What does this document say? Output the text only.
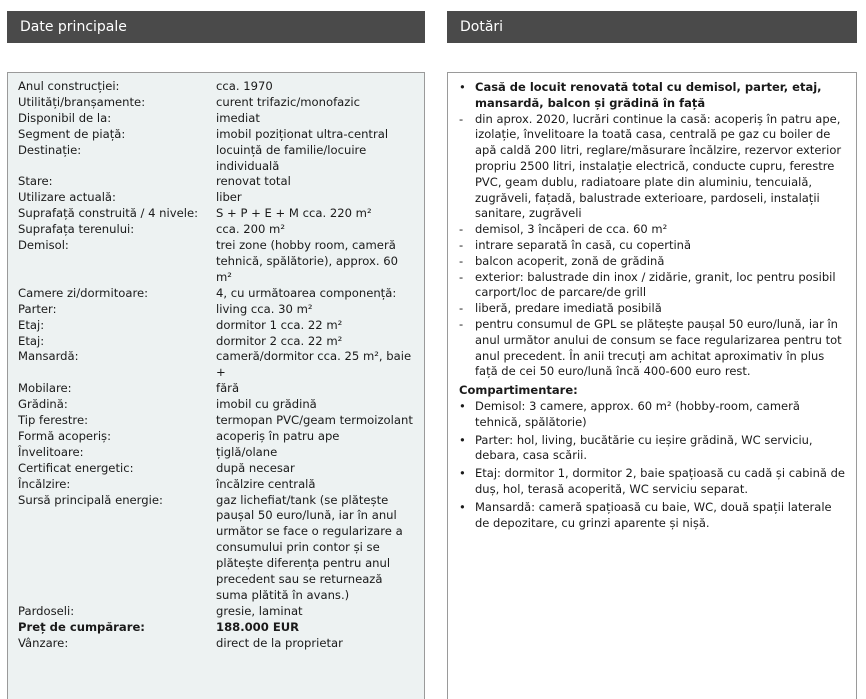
Date principale	Dotări
Anul construcției:	cca. 1970
Utilități/branșamente:	curent trifazic/monofazic
Disponibil de la:	imediat
Segment de piață:	imobil poziționat ultra-central
Destinație:	locuință de familie/locuire individuală
Stare:	renovat total
Utilizare actuală:	liber
Suprafață construită / 4 nivele:	S + P + E + M cca. 220 m²
Suprafața terenului:	cca. 200 m²
Demisol:	trei zone (hobby room, cameră tehnică, spălătorie), approx. 60 m²
Camere zi/dormitoare:	4, cu următoarea componență:
Parter:	living cca. 30 m²
Etaj:	dormitor 1 cca. 22 m²
Etaj:	dormitor 2 cca. 22 m²
Mansardă:	cameră/dormitor cca. 25 m², baie +
Mobilare:	fără
Grădină:	imobil cu grădină
Tip ferestre:	termopan PVC/geam termoizolant
Formă acoperiș:	acoperiș în patru ape
Învelitoare:	țiglă/olane
Certificat energetic:	după necesar
Încălzire:	încălzire centrală
Sursă principală energie:	gaz lichefiat/tank (se plătește paușal 50 euro/lună, iar în anul următor se face o regularizare a consumului prin contor și se plătește diferența pentru anul precedent sau se returnează suma plătită în avans.)
Pardoseli:	gresie, laminat
Preț de cumpărare:	188.000 EUR
Vânzare:	direct de la proprietar
• Casă de locuit renovată total cu demisol, parter, etaj, mansardă, balcon și grădină în față
-	din aprox. 2020, lucrări continue la casă: acoperiș în patru ape, izolație, învelitoare la toată casa, centrală pe gaz cu boiler de apă caldă 200 litri, reglare/măsurare încălzire, rezervor exterior propriu 2500 litri, instalație electrică, conducte cupru, ferestre PVC, geam dublu, radiatoare plate din aluminiu, tencuială, zugrăveli, fațadă, balustrade exterioare, pardoseli, instalații sanitare, zugrăveli
-	demisol, 3 încăperi de cca. 60 m²
-	intrare separată în casă, cu copertină
-	balcon acoperit, zonă de grădină
-	exterior: balustrade din inox / zidărie, granit, loc pentru posibil carport/loc de parcare/de grill
-	liberă, predare imediată posibilă
-	pentru consumul de GPL se plătește paușal 50 euro/lună, iar în anul următor anului de consum se face regularizarea pentru tot anul precedent. În anii trecuți am achitat aproximativ în plus față de cei 50 euro/lună încă 400-600 euro rest.
Compartimentare:
• Demisol: 3 camere, approx. 60 m² (hobby-room, cameră tehnică, spălătorie)
• Parter: hol, living, bucătărie cu ieșire grădină, WC serviciu, debara, casa scării.
• Etaj: dormitor 1, dormitor 2, baie spațioasă cu cadă și cabină de duș, hol, terasă acoperită, WC serviciu separat.
• Mansardă: cameră spațioasă cu baie, WC, două spații laterale de depozitare, cu grinzi aparente și nișă.
